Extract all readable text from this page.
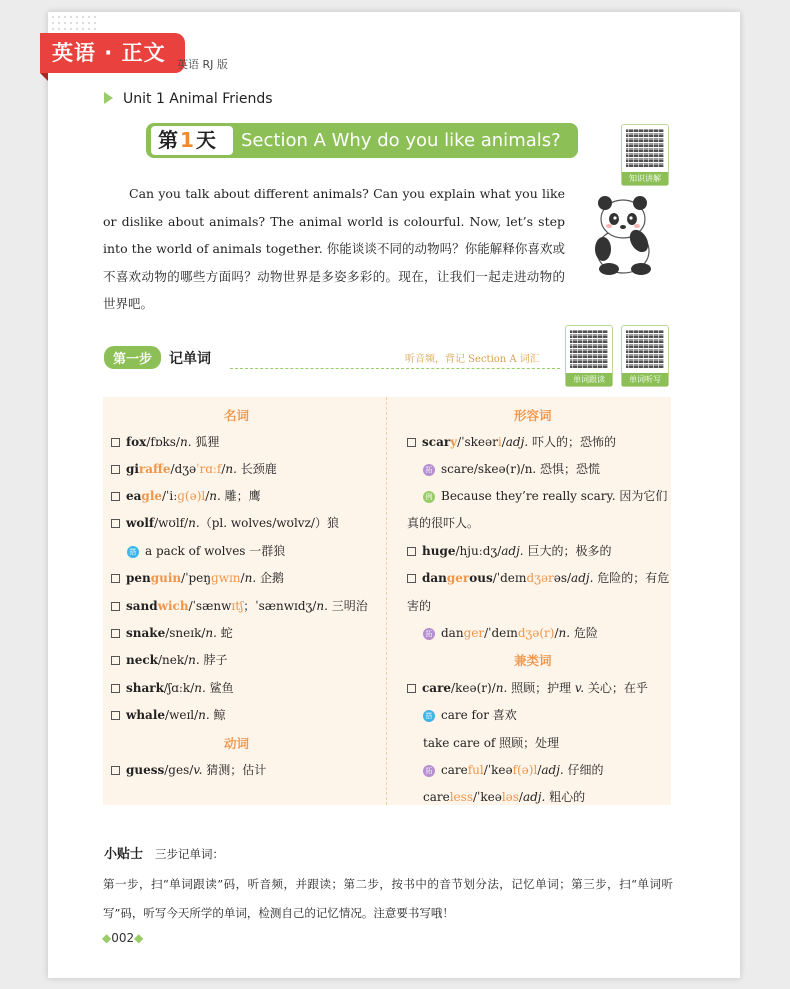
英语 · 正文	英语 RJ 版
Unit 1 Animal Friends
第 1 天	Section A Why do you like animals?
知识讲解
Can you talk about different animals? Can you explain what you like or dislike about animals? The animal world is colourful. Now, let’s step into the world of animals together. 你能谈谈不同的动物吗？你能解释你喜欢或不喜欢动物的哪些方面吗？动物世界是多姿多彩的。现在，让我们一起走进动物的世界吧。
第一步 记单词	听音频，背记 Section A 词汇
单词跟读	单词听写
名词
fox/fɒks/n. 狐狸
giraffe/dʒəˈrɑːf/n. 长颈鹿
eagle/ˈiːɡ(ə)l/n. 雕；鹰
wolf/wʊlf/n.（pl. wolves/wʊlvz/）狼
搭 a pack of wolves 一群狼
penguin/ˈpeŋɡwɪn/n. 企鹅
sandwich/ˈsænwɪtʃ；ˈsænwɪdʒ/n. 三明治
snake/sneɪk/n. 蛇
neck/nek/n. 脖子
shark/ʃɑːk/n. 鲨鱼
whale/weɪl/n. 鲸
动词
guess/ges/v. 猜测；估计
形容词
scary/ˈskeəri/adj. 吓人的；恐怖的
拓 scare/skeə(r)/n. 恐惧；恐慌
例 Because they’re really scary. 因为它们
真的很吓人。
huge/hjuːdʒ/adj. 巨大的；极多的
dangerous/ˈdeɪndʒərəs/adj. 危险的；有危
害的
拓 danger/ˈdeɪndʒə(r)/n. 危险
兼类词
care/keə(r)/n. 照顾；护理 v. 关心；在乎
搭 care for 喜欢
take care of 照顾；处理
拓 careful/ˈkeəf(ə)l/adj. 仔细的
careless/ˈkeələs/adj. 粗心的
小贴士 三步记单词：
第一步，扫“单词跟读”码，听音频，并跟读；第二步，按书中的音节划分法，记忆单词；第三步，扫“单词听写”码，听写今天所学的单词，检测自己的记忆情况。注意要书写哦！
◆002◆
